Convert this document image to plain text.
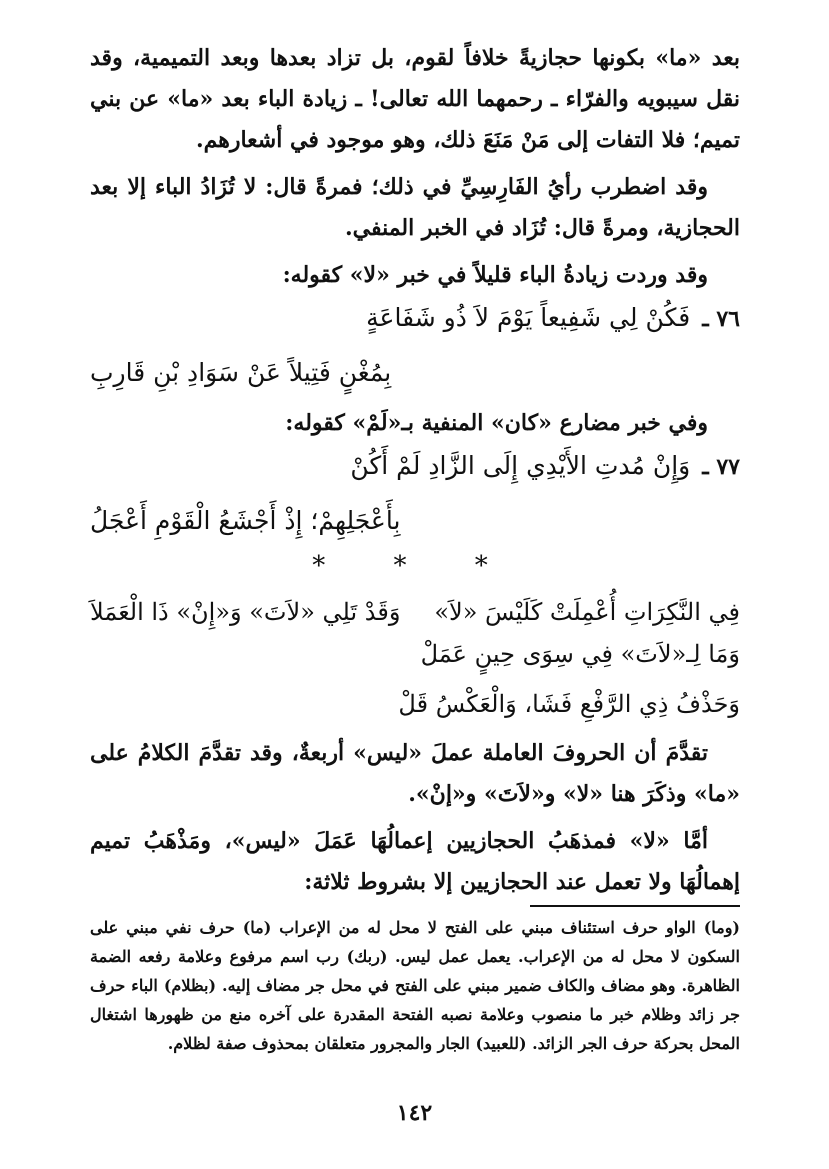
بعد «ما» بكونها حجازيةً خلافاً لقوم، بل تزاد بعدها وبعد التميمية، وقد نقل سيبويه والفرّاء ـ رحمهما الله تعالى! ـ زيادة الباء بعد «ما» عن بني تميم؛ فلا التفات إلى مَنْ مَنَعَ ذلك، وهو موجود في أشعارهم.

وقد اضطرب رأيُ الفَارِسِيِّ في ذلك؛ فمرةً قال: لا تُزَادُ الباء إلا بعد الحجازية، ومرةً قال: تُزَاد في الخبر المنفي.

وقد وردت زيادةُ الباء قليلاً في خبر «لا» كقوله:

٧٦ ـ
فَكُنْ لِي شَفِيعاً يَوْمَ لاَ ذُو شَفَاعَةٍ
بِمُغْنٍ فَتِيلاً عَنْ سَوَادِ بْنِ قَارِبِ

وفي خبر مضارع «كان» المنفية بـ«لَمْ» كقوله:

٧٧ ـ
وَإِنْ مُدتِ الأَيْدِي إِلَى الزَّادِ لَمْ أَكُنْ
بِأَعْجَلِهِمْ؛ إِذْ أَجْشَعُ الْقَوْمِ أَعْجَلُ
* * *
فِي النَّكِرَاتِ أُعْمِلَتْ كَلَيْسَ «لاَ»
وَقَدْ تَلِي «لاَتَ» وَ«إِنْ» ذَا الْعَمَلاَ
وَمَا لِـ«لاَتَ» فِي سِوَى حِينٍ عَمَلْ
وَحَذْفُ ذِي الرَّفْعِ فَشَا، وَالْعَكْسُ قَلْ

تقدَّمَ أن الحروفَ العاملة عملَ «ليس» أربعةٌ، وقد تقدَّمَ الكلامُ على «ما» وذكَرَ هنا «لا» و«لاَتَ» و«إنْ».

أمَّا «لا» فمذهَبُ الحجازيين إعمالُهَا عَمَلَ «ليس»، ومَذْهَبُ تميم إهمالُهَا ولا تعمل عند الحجازيين إلا بشروط ثلاثة:

(وما) الواو حرف استئناف مبني على الفتح لا محل له من الإعراب (ما) حرف نفي مبني على السكون لا محل له من الإعراب. يعمل عمل ليس. (ربك) رب اسم مرفوع وعلامة رفعه الضمة الظاهرة. وهو مضاف والكاف ضمير مبني على الفتح في محل جر مضاف إليه. (بظلام) الباء حرف جر زائد وظلام خبر ما منصوب وعلامة نصبه الفتحة المقدرة على آخره منع من ظهورها اشتغال المحل بحركة حرف الجر الزائد. (للعبيد) الجار والمجرور متعلقان بمحذوف صفة لظلام.
١٤٢
